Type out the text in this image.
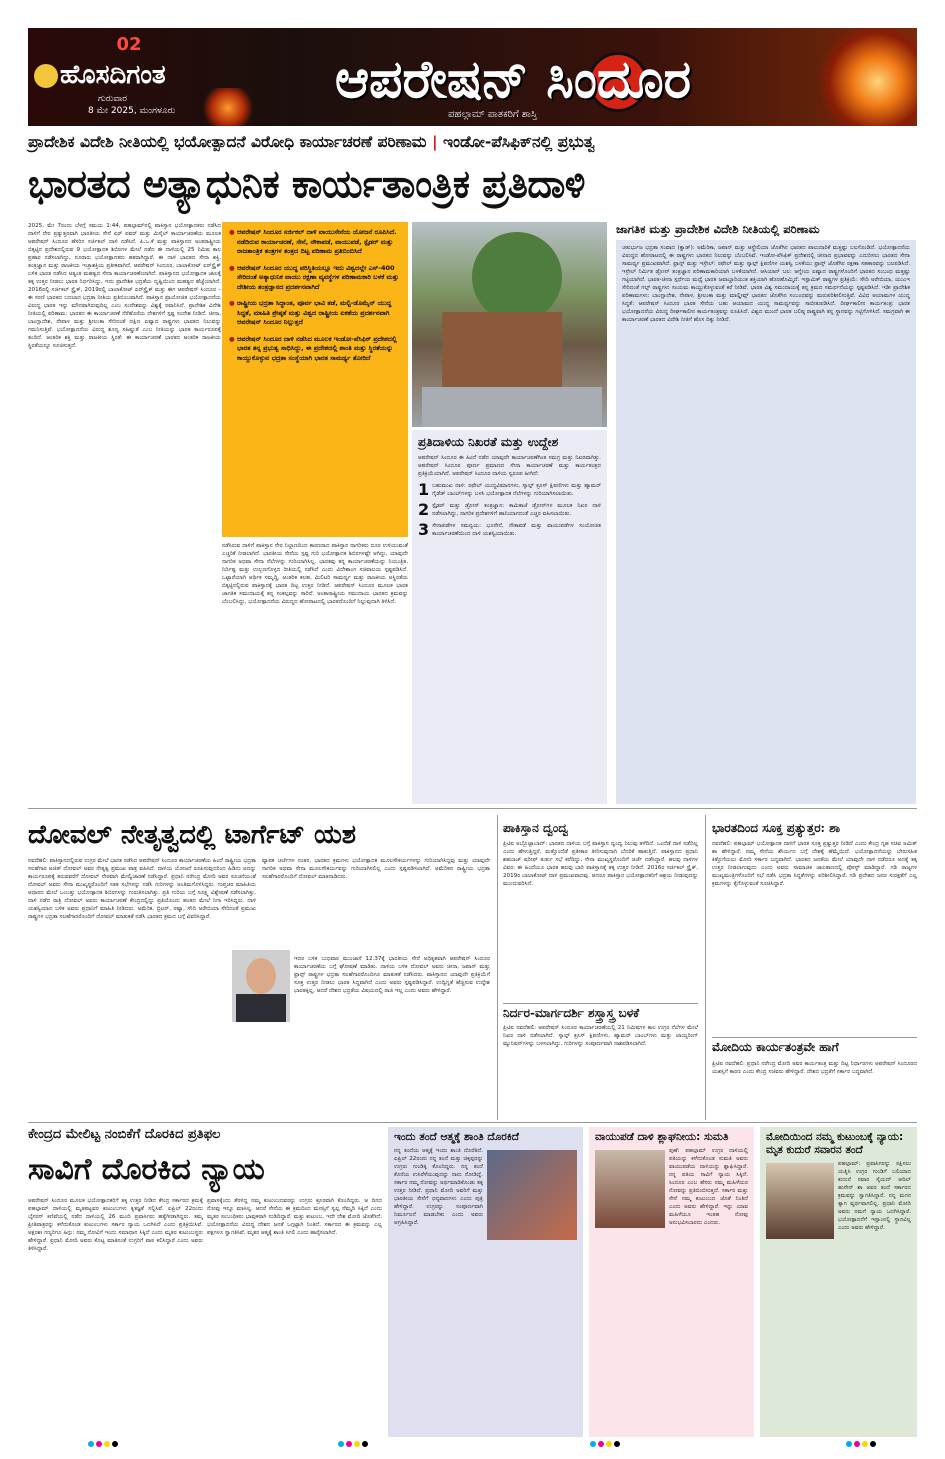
02
ಹೊಸದಿಗಂತ
ಗುರುವಾರ
8 ಮೇ 2025, ಮಂಗಳೂರು
ಆಪರೇಷನ್ ಸಿಂದೂರ
ಪಹಲ್ಗಾಮ್ ಪಾತಕರಿಗೆ ಶಾಸ್ತಿ
ಪ್ರಾದೇಶಿಕ ವಿದೇಶಿ ನೀತಿಯಲ್ಲಿ ಭಯೋತ್ಪಾದನೆ ವಿರೋಧಿ ಕಾರ್ಯಾಚರಣೆ ಪರಿಣಾಮ | ಇಂಡೋ-ಪೆಸಿಫಿಕ್‌ನಲ್ಲಿ ಪ್ರಭುತ್ವ
ಭಾರತದ ಅತ್ಯಾಧುನಿಕ ಕಾರ್ಯತಾಂತ್ರಿಕ ಪ್ರತಿದಾಳಿ
2025, ಮೇ 7ರಂದು ಬೆಳಗ್ಗೆ ಸಮಯ 1:44, ಪಹಲ್ಗಾಮ್‌ನಲ್ಲಿ ಪಾಕಿಸ್ತಾನ ಭಯೋತ್ಪಾದಕರು ನಡೆಸಿದ ದಾಳಿಗೆ ನೇರ ಪ್ರತ್ಯುತ್ತರವಾಗಿ ಭಾರತೀಯ ಸೇನೆ ಏರ್ ಪವರ್ ಮತ್ತು ಮಿಸೈಲ್ ಕಾರ್ಯಾಚರಣೆಯ ಮೂಲಕ ಆಪರೇಷನ್ ಸಿಂದೂರ ಹೆಸರಿನ ಸರ್ಜಿಕಲ್ ದಾಳಿ ನಡೆಸಿದೆ. ಪಿ.ಒ.ಕೆ ಮತ್ತು ಪಾಕಿಸ್ತಾನದ ಅಂತರಾಷ್ಟ್ರೀಯ ಬಿಕ್ಕಟ್ಟಿನ ಪ್ರದೇಶದಲ್ಲಿರುವ 9 ಭಯೋತ್ಪಾದಕ ಶಿಬಿರಗಳ ಮೇಲೆ ನಡೆದ ಈ ದಾಳಿಯಲ್ಲಿ 25 ನಿಮಿಷ ಕಾಲ ಪ್ರಹಾರ ನಡೆಸಲಾಗಿದ್ದು, ನೂರಾರು ಭಯೋತ್ಪಾದಕರು ಹತರಾಗಿದ್ದಾರೆ. ಈ ದಾಳಿ ಭಾರತದ ಸೇನಾ ಶಕ್ತಿ, ತಂತ್ರಜ್ಞಾನ ಮತ್ತು ರಾಜಕೀಯ ಇಚ್ಛಾಶಕ್ತಿಯ ಪ್ರತೀಕವಾಗಿದೆ. ಆಪರೇಷನ್ ಸಿಂದೂರ, ಬಾಲಾಕೋಟ್ ಏರ್‌ಸ್ಟ್ರೈಕ್ ಬಳಿಕ ಭಾರತ ನಡೆಸಿದ ಅತ್ಯಂತ ಮಹತ್ವದ ಸೇನಾ ಕಾರ್ಯಾಚರಣೆಯಾಗಿದೆ. ಪಾಕಿಸ್ತಾನದ ಭಯೋತ್ಪಾದಕ ಜಾಲಕ್ಕೆ ತಕ್ಕ ಉತ್ತರ ನೀಡಲು ಭಾರತ ನಿರ್ಧರಿಸಿದ್ದು, ಇದು ಪ್ರಾದೇಶಿಕ ಭದ್ರತೆಯ ದೃಷ್ಟಿಯಿಂದ ಮಹತ್ವದ ಹೆಜ್ಜೆಯಾಗಿದೆ. 2016ರಲ್ಲಿ ಸರ್ಜಿಕಲ್ ಸ್ಟ್ರೈಕ್, 2019ರಲ್ಲಿ ಬಾಲಾಕೋಟ್ ಏರ್‌ಸ್ಟ್ರೈಕ್ ಮತ್ತು ಈಗ ಆಪರೇಷನ್ ಸಿಂದೂರ – ಈ ಸರಣಿ ಭಾರತದ ಬದಲಾದ ಭದ್ರತಾ ನೀತಿಯ ಪ್ರತಿಬಿಂಬವಾಗಿದೆ. ಪಾಕಿಸ್ತಾನ ಪ್ರಾಯೋಜಿತ ಭಯೋತ್ಪಾದನೆಯ ವಿರುದ್ಧ ಭಾರತ ಇನ್ನು ಮೌನವಾಗಿರುವುದಿಲ್ಲ ಎಂಬ ಸಂದೇಶವನ್ನು ವಿಶ್ವಕ್ಕೆ ರವಾನಿಸಿದೆ. ಪ್ರಾದೇಶಿಕ ವಿದೇಶಿ ನೀತಿಯಲ್ಲಿ ಪರಿಣಾಮ: ಭಾರತದ ಈ ಕಾರ್ಯಾಚರಣೆ ನೆರೆಹೊರೆಯ ದೇಶಗಳಿಗೆ ಸ್ಪಷ್ಟ ಸಂದೇಶ ನೀಡಿದೆ. ಚೀನಾ, ಬಾಂಗ್ಲಾದೇಶ, ನೇಪಾಳ ಮತ್ತು ಶ್ರೀಲಂಕಾ ಸೇರಿದಂತೆ ದಕ್ಷಿಣ ಏಷ್ಯಾದ ರಾಷ್ಟ್ರಗಳು ಭಾರತದ ನಿಲುವನ್ನು ಗಮನಿಸುತ್ತಿವೆ. ಭಯೋತ್ಪಾದನೆಯ ವಿರುದ್ಧ ಶೂನ್ಯ ಸಹಿಷ್ಣುತೆ ಎಂಬ ನೀತಿಯನ್ನು ಭಾರತ ಕಾರ್ಯರೂಪಕ್ಕೆ ತಂದಿದೆ. ಆಂತರಿಕ ಶಕ್ತಿ ಮತ್ತು ರಾಜಕೀಯ ಸ್ಥಿರತೆ: ಈ ಕಾರ್ಯಾಚರಣೆ ಭಾರತದ ಆಂತರಿಕ ರಾಜಕೀಯ ಸ್ಥಿರತೆಯನ್ನೂ ಸೂಚಿಸುತ್ತದೆ.
● ಆಪರೇಷನ್ ಸಿಂದೂರ ಸರ್ಜಿಕಲ್ ದಾಳಿ ವಾಯುಸೇನೆಯ ಯೋಜನೆ ರೂಪಿಸಿದೆ. ನಡೆದಿರುವ ಕಾರ್ಯಾಚರಣೆ, ಸೇನೆ, ನೌಕಾಪಡೆ, ವಾಯುಪಡೆ, ಸ್ಪೈಡರ್ ಮತ್ತು ರಾಜತಾಂತ್ರಿಕ ತಂತ್ರಗಳ ತಂತ್ರದ ದಿಟ್ಟ ಪರಿಣಾಮ ಪ್ರತಿಬಿಂಬಿಸಿದೆ
● ಆಪರೇಷನ್ ಸಿಂದೂರ ಯುದ್ಧ ಪರಿಸ್ಥಿತಿಯಲ್ಲೂ ಇದು ವಿಶ್ವದಲ್ಲೇ ಎಸ್-400 ಸೇರಿದಂತೆ ಅತ್ಯಾಧುನಿಕ ವಾಯು ರಕ್ಷಣಾ ವ್ಯವಸ್ಥೆಗಳ ಪರಿಣಾಮಕಾರಿ ಬಳಕೆ ಮತ್ತು ದೇಶೀಯ ತಂತ್ರಜ್ಞಾನದ ಪ್ರದರ್ಶನವಾಗಿದೆ
● ರಾಷ್ಟ್ರೀಯ ಭದ್ರತಾ ಸಿದ್ಧಾಂತ, ಪೂರ್ವ ಭಾವಿ ತಡೆ, ಮಲ್ಟಿ-ಡೊಮೈನ್ ಯುದ್ಧ ಸಿದ್ಧತೆ, ಮಾಹಿತಿ ಶ್ರೇಷ್ಠತೆ ಮತ್ತು ವಿಶ್ವದ ರಾಷ್ಟ್ರೀಯ ಏಕತೆಯ ಪ್ರದರ್ಶನವಾಗಿ ಆಪರೇಷನ್ ಸಿಂದೂರ ನಿಲ್ಲುತ್ತದೆ
● ಆಪರೇಷನ್ ಸಿಂದೂರ ದಾಳಿ ನಡೆಸಿದ ಮೂಲಕ ಇಂಡೋ-ಪೆಸಿಫಿಕ್ ಪ್ರದೇಶದಲ್ಲಿ ಭಾರತ ತನ್ನ ಪ್ರಭುತ್ವ ಸಾಧಿಸಿದ್ದು, ಈ ಪ್ರದೇಶದಲ್ಲಿ ಶಾಂತಿ ಮತ್ತು ಸ್ಥಿರತೆಯನ್ನು ಕಾಯ್ದುಕೊಳ್ಳುವ ಭದ್ರತಾ ಸಂಸ್ಥೆಯಾಗಿ ಭಾರತ ಸಾಮರ್ಥ್ಯ ತೋರಿದೆ
ನಡೆಸಿರುವ ದಾಳಿಗೆ ಪಾಕಿಸ್ತಾನ ನೇರ ನಿಲ್ದಾಣದಿಂದ ಕಾರಣರಾದ ಪಾಕಿಸ್ತಾನ ನಾಗರಿಕರು ದೂರ ಉಳಿಯುವಂತೆ ಎಚ್ಚರಿಕೆ ನೀಡಲಾಗಿದೆ. ಭಾರತೀಯ ಸೇನೆಯ ಸ್ಪಷ್ಟ ಗುರಿ ಭಯೋತ್ಪಾದಕ ಶಿಬಿರಗಳಷ್ಟೇ ಆಗಿದ್ದು, ಯಾವುದೇ ನಾಗರಿಕ ಅಥವಾ ಸೇನಾ ನೆಲೆಗಳನ್ನು ಗುರಿಯಾಗಿಸಿಲ್ಲ. ಭಾರತವು ತನ್ನ ಕಾರ್ಯಾಚರಣೆಯನ್ನು ನಿಯಂತ್ರಿತ, ನಿರ್ದಿಷ್ಟ ಮತ್ತು ಉಲ್ಬಣಗೊಳ್ಳದ ರೀತಿಯಲ್ಲಿ ನಡೆಸಿದೆ ಎಂದು ವಿದೇಶಾಂಗ ಸಚಿವಾಲಯ ಸ್ಪಷ್ಟಪಡಿಸಿದೆ. ಒಟ್ಟಾರೆಯಾಗಿ ಆರ್ಥಿಕ ಸಮೃದ್ಧಿ, ಆಂತರಿಕ ಕಲಹ, ಮಿಲಿಟರಿ ಸಾಮರ್ಥ್ಯ ಮತ್ತು ರಾಜಕೀಯ ಅಸ್ಥಿರತೆಯ ಬಿಕ್ಕಟ್ಟಿನಲ್ಲಿರುವ ಪಾಕಿಸ್ತಾನಕ್ಕೆ ಭಾರತ ದಿಟ್ಟ ಉತ್ತರ ನೀಡಿದೆ. ಆಪರೇಷನ್ ಸಿಂದೂರ ಮೂಲಕ ಭಾರತ ಜಾಗತಿಕ ಸಮುದಾಯಕ್ಕೆ ತನ್ನ ಸಂಕಲ್ಪವನ್ನು ಸಾರಿದೆ. ಅಂತಾರಾಷ್ಟ್ರೀಯ ಸಮುದಾಯ ಭಾರತದ ಕ್ರಮವನ್ನು ಬೆಂಬಲಿಸಿದ್ದು, ಭಯೋತ್ಪಾದನೆಯ ವಿರುದ್ಧದ ಹೋರಾಟದಲ್ಲಿ ಭಾರತದೊಂದಿಗೆ ನಿಲ್ಲುವುದಾಗಿ ತಿಳಿಸಿದೆ.
ಪ್ರತಿದಾಳಿಯ ನಿಖರತೆ ಮತ್ತು ಉದ್ದೇಶ
ಆಪರೇಷನ್ ಸಿಂದೂರ ಈ ಹಿಂದೆ ನಡೆದ ಯಾವುದೇ ಕಾರ್ಯಾಚರಣೆಗಿಂತ ಸಮಗ್ರ ಮತ್ತು ನಿಖರವಾಗಿತ್ತು. ಆಪರೇಷನ್ ಸಿಂದೂರ ಪೂರ್ಣ ಪ್ರಮಾಣದ ಸೇನಾ ಕಾರ್ಯಾಚರಣೆ ಮತ್ತು ಕಾರ್ಯತಂತ್ರದ ಪ್ರತಿಕ್ರಿಯೆಯಾಗಿದೆ. ಆಪರೇಷನ್ ಸಿಂದೂರ ದಾಳಿಯ ಸ್ವರೂಪ ಹೀಗಿದೆ:
1 ಬಹುಮುಖ ದಾಳಿ: ರಫೇಲ್ ಯುದ್ಧವಿಮಾನಗಳು, ಸ್ಕಾಲ್ಪ್ ಕ್ರೂಸ್ ಕ್ಷಿಪಣಿಗಳು ಮತ್ತು ಹ್ಯಾಮರ್ ಗೈಡೆಡ್ ಬಾಂಬ್‌ಗಳನ್ನು ಬಳಸಿ ಭಯೋತ್ಪಾದಕ ನೆಲೆಗಳನ್ನು ಗುರಿಯಾಗಿಸಲಾಯಿತು.
2 ಸ್ಪೈಡರ್ ಮತ್ತು ಡ್ರೋನ್ ತಂತ್ರಜ್ಞಾನ: ಕಾಮಿಕಾಜೆ ಡ್ರೋನ್‌ಗಳ ಮೂಲಕ ನಿಖರ ದಾಳಿ ನಡೆಸಲಾಗಿದ್ದು, ನಾಗರಿಕ ಪ್ರದೇಶಗಳಿಗೆ ಹಾನಿಯಾಗದಂತೆ ಎಚ್ಚರ ವಹಿಸಲಾಯಿತು.
3 ಸೇನಾಪಡೆಗಳ ಸಮನ್ವಯ: ಭೂಸೇನೆ, ನೌಕಾಪಡೆ ಮತ್ತು ವಾಯುಪಡೆಗಳ ಸಂಯೋಜಿತ ಕಾರ್ಯಾಚರಣೆಯಿಂದ ದಾಳಿ ಯಶಸ್ವಿಯಾಯಿತು.
ಜಾಗತಿಕ ಮತ್ತು ಪ್ರಾದೇಶಿಕ ವಿದೇಶಿ ನೀತಿಯಲ್ಲಿ ಪರಿಣಾಮ
ಚತುರ್ಭುಜ ಭದ್ರತಾ ಸಂವಾದ (ಕ್ವಾಡ್): ಅಮೆರಿಕಾ, ಜಪಾನ್ ಮತ್ತು ಆಸ್ಟ್ರೇಲಿಯಾ ಜೊತೆಗಿನ ಭಾರತದ ಪಾಲುದಾರಿಕೆ ಮತ್ತಷ್ಟು ಬಲಗೊಂಡಿದೆ. ಭಯೋತ್ಪಾದನೆಯ ವಿರುದ್ಧದ ಹೋರಾಟದಲ್ಲಿ ಈ ರಾಷ್ಟ್ರಗಳು ಭಾರತದ ನಿಲುವನ್ನು ಬೆಂಬಲಿಸಿವೆ. ಇಂಡೋ-ಪೆಸಿಫಿಕ್ ಪ್ರದೇಶದಲ್ಲಿ ಚೀನಾದ ಪ್ರಭಾವವನ್ನು ಎದುರಿಸಲು ಭಾರತದ ಸೇನಾ ಸಾಮರ್ಥ್ಯ ಪ್ರಮುಖವಾಗಿದೆ. ಫ್ರಾನ್ಸ್ ಮತ್ತು ಇಸ್ರೇಲ್: ರಫೇಲ್ ಮತ್ತು ಸ್ಕಾಲ್ಪ್ ಕ್ಷಿಪಣಿಗಳ ಯಶಸ್ವಿ ಬಳಕೆಯು ಫ್ರಾನ್ಸ್ ಜೊತೆಗಿನ ರಕ್ಷಣಾ ಸಹಕಾರವನ್ನು ಬಲಪಡಿಸಿದೆ. ಇಸ್ರೇಲ್ ನಿರ್ಮಿತ ಡ್ರೋನ್ ತಂತ್ರಜ್ಞಾನ ಪರಿಣಾಮಕಾರಿಯಾಗಿ ಬಳಕೆಯಾಗಿದೆ. ಆಸಿಯಾನ್ ಬಲ: ಆಗ್ನೇಯ ಏಷ್ಯಾದ ರಾಷ್ಟ್ರಗಳೊಂದಿಗೆ ಭಾರತದ ಸಂಬಂಧ ಮತ್ತಷ್ಟು ಗಟ್ಟಿಯಾಗಿದೆ. ಭಾರತ-ಚೀನಾ ಸ್ಪರ್ಧೆಯ ಮಧ್ಯೆ ಭಾರತ ಜವಾಬ್ದಾರಿಯುತ ಶಕ್ತಿಯಾಗಿ ಹೊರಹೊಮ್ಮಿದೆ. ಇಸ್ಲಾಮಿಕ್ ರಾಷ್ಟ್ರಗಳ ಪ್ರತಿಕ್ರಿಯೆ: ಸೌದಿ ಅರೇಬಿಯಾ, ಯುಎಇ ಸೇರಿದಂತೆ ಗಲ್ಫ್ ರಾಷ್ಟ್ರಗಳು ಸಂಯಮ ಕಾಯ್ದುಕೊಳ್ಳುವಂತೆ ಕರೆ ನೀಡಿವೆ. ಭಾರತ ವಿಶ್ವ ಸಮುದಾಯಕ್ಕೆ ತನ್ನ ಕ್ರಮದ ಸಮರ್ಥನೆಯನ್ನು ಸ್ಪಷ್ಟಪಡಿಸಿದೆ. ಇಡೀ ಪ್ರಾದೇಶಿಕ ಪರಿಣಾಮಗಳು: ಬಾಂಗ್ಲಾದೇಶ, ನೇಪಾಳ, ಶ್ರೀಲಂಕಾ ಮತ್ತು ಮಾಲ್ಡೀವ್ಸ್ ಭಾರತದ ಜೊತೆಗಿನ ಸಂಬಂಧವನ್ನು ಮರುಪರಿಶೀಲಿಸುತ್ತಿವೆ. ವಿವಿಧ ಆಯಾಮಗಳ ಯುದ್ಧ ಸಿದ್ಧತೆ: ಆಪರೇಷನ್ ಸಿಂದೂರ ಭಾರತ ಸೇನೆಯ ಬಹು ಆಯಾಮದ ಯುದ್ಧ ಸಾಮರ್ಥ್ಯವನ್ನು ಸಾಬೀತುಪಡಿಸಿದೆ. ದೀರ್ಘಕಾಲೀನ ಕಾರ್ಯತಂತ್ರ: ಭಾರತ ಭಯೋತ್ಪಾದನೆಯ ವಿರುದ್ಧ ದೀರ್ಘಕಾಲೀನ ಕಾರ್ಯತಂತ್ರವನ್ನು ರೂಪಿಸಿದೆ. ವಿಶ್ವದ ಮುಂದೆ ಭಾರತ ಬಲಿಷ್ಠ ರಾಷ್ಟ್ರವಾಗಿ ತನ್ನ ಸ್ಥಾನವನ್ನು ಗಟ್ಟಿಗೊಳಿಸಿದೆ. ಸಮಗ್ರವಾಗಿ ಈ ಕಾರ್ಯಾಚರಣೆ ಭಾರತದ ವಿದೇಶಿ ನೀತಿಗೆ ಹೊಸ ದಿಕ್ಕು ನೀಡಿದೆ.
ದೋವಲ್ ನೇತೃತ್ವದಲ್ಲಿ ಟಾರ್ಗೆಟ್ ಯಶ
ನವದೆಹಲಿ: ಪಾಕಿಸ್ತಾನದಲ್ಲಿರುವ ಉಗ್ರರ ಮೇಲೆ ಭಾರತ ನಡೆಸಿದ ಆಪರೇಷನ್ ಸಿಂದೂರ ಕಾರ್ಯಾಚರಣೆಯ ಹಿಂದೆ ರಾಷ್ಟ್ರೀಯ ಭದ್ರತಾ ಸಲಹೆಗಾರ ಅಜಿತ್ ದೋವಲ್ ಅವರ ನೇತೃತ್ವ ಪ್ರಮುಖ ಪಾತ್ರ ವಹಿಸಿದೆ. ದಾಳಿಯ ಯೋಜನೆ ರೂಪಿಸುವುದರಿಂದ ಹಿಡಿದು ಅದನ್ನು ಕಾರ್ಯರೂಪಕ್ಕೆ ತರುವವರೆಗೆ ದೋವಲ್ ನೇರವಾಗಿ ಮೇಲ್ವಿಚಾರಣೆ ನಡೆಸಿದ್ದಾರೆ. ಪ್ರಧಾನಿ ನರೇಂದ್ರ ಮೋದಿ ಅವರ ಸೂಚನೆಯಂತೆ ದೋವಲ್ ಅವರು ಸೇನಾ ಮುಖ್ಯಸ್ಥರೊಂದಿಗೆ ಸತತ ಸಭೆಗಳನ್ನು ನಡೆಸಿ ಗುರಿಗಳನ್ನು ಅಂತಿಮಗೊಳಿಸಿದ್ದರು. ಗುಪ್ತಚರ ಮಾಹಿತಿಯ ಆಧಾರದ ಮೇಲೆ ಒಂಬತ್ತು ಭಯೋತ್ಪಾದಕ ಶಿಬಿರಗಳನ್ನು ಗುರುತಿಸಲಾಗಿತ್ತು. ಪ್ರತಿ ಗುರಿಯ ಬಗ್ಗೆ ಸೂಕ್ಷ್ಮ ವಿಶ್ಲೇಷಣೆ ನಡೆಸಲಾಗಿತ್ತು. ದಾಳಿ ನಡೆದ ರಾತ್ರಿ ದೋವಲ್ ಅವರು ಕಾರ್ಯಾಚರಣೆ ಕೇಂದ್ರದಲ್ಲಿದ್ದು ಪ್ರತಿಯೊಂದು ಹಂತದ ಮೇಲೆ ನಿಗಾ ಇರಿಸಿದ್ದರು. ದಾಳಿ ಯಶಸ್ವಿಯಾದ ಬಳಿಕ ಅವರು ಪ್ರಧಾನಿಗೆ ಮಾಹಿತಿ ನೀಡಿದರು. ಅಮೆರಿಕ, ಬ್ರಿಟನ್, ರಷ್ಯಾ, ಸೌದಿ ಅರೇಬಿಯಾ ಸೇರಿದಂತೆ ಪ್ರಮುಖ ರಾಷ್ಟ್ರಗಳ ಭದ್ರತಾ ಸಲಹೆಗಾರರೊಂದಿಗೆ ದೋವಲ್ ಮಾತುಕತೆ ನಡೆಸಿ ಭಾರತದ ಕ್ರಮದ ಬಗ್ಗೆ ವಿವರಿಸಿದ್ದಾರೆ.
ವ್ಯಾಪಕ ಚರ್ಚೆಗಳ ನಂತರ, ಭಾರತದ ಕ್ರಮಗಳು ಭಯೋತ್ಪಾದಕ ಮೂಲಸೌಕರ್ಯಗಳನ್ನು ಗುರಿಯಾಗಿಸಿದ್ದವು ಮತ್ತು ಯಾವುದೇ ನಾಗರಿಕ ಅಥವಾ ಸೇನಾ ಮೂಲಸೌಕರ್ಯವನ್ನು ಗುರಿಯಾಗಿಸಲಿಲ್ಲ ಎಂದು ಸ್ಪಷ್ಟಪಡಿಸಲಾಗಿದೆ. ಅಮೆರಿಕದ ರಾಷ್ಟ್ರೀಯ ಭದ್ರತಾ ಸಲಹೆಗಾರರೊಂದಿಗೆ ದೋವಲ್ ಮಾತನಾಡಿದರು.
ಇದರ ಬಳಿಕ ಬುಧವಾರ ಮುಂಜಾನೆ 12.37ಕ್ಕೆ ಭಾರತೀಯ ಸೇನೆ ಅಧಿಕೃತವಾಗಿ ಆಪರೇಷನ್ ಸಿಂದೂರ ಕಾರ್ಯಾಚರಣೆಯ ಬಗ್ಗೆ ಘೋಷಣೆ ಮಾಡಿತು. ದಾಳಿಯ ಬಳಿಕ ದೋವಲ್ ಅವರು ಚೀನಾ, ಜಪಾನ್ ಮತ್ತು ಫ್ರಾನ್ಸ್ ರಾಷ್ಟ್ರಗಳ ಭದ್ರತಾ ಸಲಹೆಗಾರರೊಂದಿಗೂ ಮಾತುಕತೆ ನಡೆಸಿದರು. ಪಾಕಿಸ್ತಾನದ ಯಾವುದೇ ಪ್ರತಿಕ್ರಿಯೆಗೆ ಸೂಕ್ತ ಉತ್ತರ ನೀಡಲು ಭಾರತ ಸಿದ್ಧವಾಗಿದೆ ಎಂದು ಅವರು ಸ್ಪಷ್ಟಪಡಿಸಿದ್ದಾರೆ. ಉದ್ವಿಗ್ನತೆ ಹೆಚ್ಚಿಸುವ ಉದ್ದೇಶ ಭಾರತಕ್ಕಿಲ್ಲ, ಆದರೆ ದೇಶದ ಭದ್ರತೆಯ ವಿಷಯದಲ್ಲಿ ರಾಜಿ ಇಲ್ಲ ಎಂದು ಅವರು ಹೇಳಿದ್ದಾರೆ.
ಪಾಕಿಸ್ತಾನ ದ್ವಂದ್ವ
ಪ್ರಿಟಿಐ ಅಬ್ಬೊಟ್ಟಾಬಾದ್: ಭಾರತದ ದಾಳಿಯ ಬಗ್ಗೆ ಪಾಕಿಸ್ತಾನ ದ್ವಂದ್ವ ನಿಲುವು ತಳೆದಿದೆ. ಒಂದೆಡೆ ದಾಳಿ ನಡೆದಿಲ್ಲ ಎಂದು ಹೇಳುತ್ತಿದ್ದರೆ, ಮತ್ತೊಂದೆಡೆ ಪ್ರತೀಕಾರ ತೀರಿಸುವುದಾಗಿ ಬೆದರಿಕೆ ಹಾಕುತ್ತಿದೆ. ಪಾಕಿಸ್ತಾನದ ಪ್ರಧಾನಿ ಶಹಬಾಜ್ ಷರೀಫ್ ತುರ್ತು ಸಭೆ ಕರೆದಿದ್ದು, ಸೇನಾ ಮುಖ್ಯಸ್ಥರೊಂದಿಗೆ ಚರ್ಚೆ ನಡೆಸಿದ್ದಾರೆ. ಹಲವು ದಾಳಿಗಳ ವಿವರ: ಈ ಹಿಂದೆಯೂ ಭಾರತ ಹಲವು ಬಾರಿ ಪಾಕಿಸ್ತಾನಕ್ಕೆ ತಕ್ಕ ಉತ್ತರ ನೀಡಿದೆ. 2016ರ ಸರ್ಜಿಕಲ್ ಸ್ಟ್ರೈಕ್, 2019ರ ಬಾಲಾಕೋಟ್ ದಾಳಿ ಪ್ರಮುಖವಾದವು. ಆದರೂ ಪಾಕಿಸ್ತಾನ ಭಯೋತ್ಪಾದಕರಿಗೆ ಆಶ್ರಯ ನೀಡುವುದನ್ನು ಮುಂದುವರಿಸಿದೆ.
ನಿರ್ದರ-ಮಾರ್ಗದರ್ಶಿ ಶಸ್ತ್ರಾಸ್ತ್ರ ಬಳಕೆ
ಪ್ರಿಟಿಐ ನವದೆಹಲಿ: ಆಪರೇಷನ್ ಸಿಂದೂರ ಕಾರ್ಯಾಚರಣೆಯಲ್ಲಿ 21 ನಿಮಿಷಗಳ ಕಾಲ ಉಗ್ರರ ನೆಲೆಗಳ ಮೇಲೆ ನಿಖರ ದಾಳಿ ನಡೆಸಲಾಗಿದೆ. ಸ್ಕಾಲ್ಪ್ ಕ್ರೂಸ್ ಕ್ಷಿಪಣಿಗಳು, ಹ್ಯಾಮರ್ ಬಾಂಬ್‌ಗಳು ಮತ್ತು ಲಾಯ್ಟರಿಂಗ್ ಮ್ಯುನಿಷನ್‌ಗಳನ್ನು ಬಳಸಲಾಗಿದ್ದು, ಗುರಿಗಳನ್ನು ಸಂಪೂರ್ಣವಾಗಿ ನಾಶಪಡಿಸಲಾಗಿದೆ.
ಭಾರತದಿಂದ ಸೂಕ್ತ ಪ್ರತ್ಯುತ್ತರ: ಶಾ
ನವದೆಹಲಿ: ಪಹಲ್ಗಾಮ್ ಭಯೋತ್ಪಾದಕ ದಾಳಿಗೆ ಭಾರತ ಸೂಕ್ತ ಪ್ರತ್ಯುತ್ತರ ನೀಡಿದೆ ಎಂದು ಕೇಂದ್ರ ಗೃಹ ಸಚಿವ ಅಮಿತ್ ಶಾ ಹೇಳಿದ್ದಾರೆ. ನಮ್ಮ ಸೇನೆಯ ಶೌರ್ಯದ ಬಗ್ಗೆ ದೇಶಕ್ಕೆ ಹೆಮ್ಮೆಯಿದೆ. ಭಯೋತ್ಪಾದನೆಯನ್ನು ಬೇರುಸಹಿತ ಕಿತ್ತೊಗೆಯಲು ಮೋದಿ ಸರ್ಕಾರ ಬದ್ಧವಾಗಿದೆ. ಭಾರತದ ಜನತೆಯ ಮೇಲೆ ಯಾವುದೇ ದಾಳಿ ನಡೆದರೂ ಅದಕ್ಕೆ ತಕ್ಕ ಉತ್ತರ ನೀಡಲಾಗುವುದು ಎಂದು ಅವರು ಸಾಮಾಜಿಕ ಜಾಲತಾಣದಲ್ಲಿ ಪೋಸ್ಟ್ ಮಾಡಿದ್ದಾರೆ. ಗಡಿ ರಾಜ್ಯಗಳ ಮುಖ್ಯಮಂತ್ರಿಗಳೊಂದಿಗೆ ಸಭೆ ನಡೆಸಿ ಭದ್ರತಾ ಸಿದ್ಧತೆಗಳನ್ನು ಪರಿಶೀಲಿಸಿದ್ದಾರೆ. ಗಡಿ ಪ್ರದೇಶದ ಜನರ ಸುರಕ್ಷತೆಗೆ ಎಲ್ಲ ಕ್ರಮಗಳನ್ನು ಕೈಗೊಳ್ಳುವಂತೆ ಸೂಚಿಸಿದ್ದಾರೆ.
ಮೋದಿಯ ಕಾರ್ಯತಂತ್ರವೇ ಹಾಗೆ
ಪ್ರಿಟಿಐ ನವದೆಹಲಿ: ಪ್ರಧಾನಿ ನರೇಂದ್ರ ಮೋದಿ ಅವರ ಕಾರ್ಯತಂತ್ರ ಮತ್ತು ದಿಟ್ಟ ನಿರ್ಧಾರಗಳು ಆಪರೇಷನ್ ಸಿಂದೂರದ ಯಶಸ್ಸಿಗೆ ಕಾರಣ ಎಂದು ಕೇಂದ್ರ ಸಚಿವರು ಹೇಳಿದ್ದಾರೆ. ದೇಶದ ಭದ್ರತೆಗೆ ಸರ್ಕಾರ ಬದ್ಧವಾಗಿದೆ.
ಕೇಂದ್ರದ ಮೇಲಿಟ್ಟ ನಂಬಿಕೆಗೆ ದೊರಕಿದ ಪ್ರತಿಫಲ
ಸಾವಿಗೆ ದೊರಕಿದ ನ್ಯಾಯ
ಆಪರೇಷನ್ ಸಿಂದೂರ ಮೂಲಕ ಭಯೋತ್ಪಾದಕರಿಗೆ ತಕ್ಕ ಉತ್ತರ ನೀಡಿದ ಕೇಂದ್ರ ಸರ್ಕಾರದ ಕ್ರಮಕ್ಕೆ ಪಹಲ್ಗಾಮ್ ದಾಳಿಯಲ್ಲಿ ಮೃತಪಟ್ಟವರ ಕುಟುಂಬಗಳು ಕೃತಜ್ಞತೆ ಸಲ್ಲಿಸಿವೆ. ಏಪ್ರಿಲ್ 22ರಂದು ಬೈಸರನ್ ಕಣಿವೆಯಲ್ಲಿ ನಡೆದ ದಾಳಿಯಲ್ಲಿ 26 ಮಂದಿ ಪ್ರವಾಸಿಗರು ಹತ್ಯೆಗೀಡಾಗಿದ್ದರು. ತಮ್ಮ ಪ್ರೀತಿಪಾತ್ರರನ್ನು ಕಳೆದುಕೊಂಡ ಕುಟುಂಬಗಳು ಸರ್ಕಾರ ನ್ಯಾಯ ಒದಗಿಸಿದೆ ಎಂದು ಪ್ರತಿಕ್ರಿಯಿಸಿವೆ. ಅಕ್ಷರಶಃ ಗಣ್ಯರಿಗೂ ಹಿಗ್ಗು: ನಮ್ಮ ನೋವಿಗೆ ಇಂದು ಸಮಾಧಾನ ಸಿಕ್ಕಿದೆ ಎಂದು ಮೃತರ ಕುಟುಂಬಸ್ಥರು ಹೇಳಿದ್ದಾರೆ. ಪ್ರಧಾನಿ ಮೋದಿ ಅವರು ಕೊಟ್ಟ ಮಾತಿನಂತೆ ಉಗ್ರರಿಗೆ ಪಾಠ ಕಲಿಸಿದ್ದಾರೆ ಎಂದು ಅವರು ತಿಳಿಸಿದ್ದಾರೆ.
ಪ್ರವಾಸಕ್ಕೆಂದು ತೆರಳಿದ್ದ ನಮ್ಮ ಕುಟುಂಬದವರನ್ನು ಉಗ್ರರು ಕ್ರೂರವಾಗಿ ಕೊಂದಿದ್ದರು. ಆ ದಿನದ ನೋವು ಇನ್ನೂ ಮಾಸಿಲ್ಲ. ಆದರೆ ಸೇನೆಯ ಈ ಕ್ರಮದಿಂದ ಮನಸ್ಸಿಗೆ ಸ್ವಲ್ಪ ನೆಮ್ಮದಿ ಸಿಕ್ಕಿದೆ ಎಂದು ಮೃತರ ಸಂಬಂಧಿಕರು ಭಾವುಕರಾಗಿ ನುಡಿದಿದ್ದಾರೆ. ಮತ್ತು ಕುಟುಂಬ, ಇದೇ ದೇಶ ಮೋದಿ ಜೊತೆಗಿದೆ: ಭಯೋತ್ಪಾದನೆಯ ವಿರುದ್ಧ ದೇಶದ ಜನತೆ ಒಗ್ಗಟ್ಟಾಗಿ ನಿಂತಿದೆ. ಸರ್ಕಾರದ ಈ ಕ್ರಮವನ್ನು ಎಲ್ಲ ಪಕ್ಷಗಳೂ ಸ್ವಾಗತಿಸಿವೆ. ಮೃತರ ಆತ್ಮಕ್ಕೆ ಶಾಂತಿ ಸಿಗಲಿ ಎಂದು ಹಾರೈಸಲಾಗಿದೆ.
ಇಂದು ತಂದೆ ಆತ್ಮಕ್ಕೆ ಶಾಂತಿ ದೊರಕಿದೆ
ನನ್ನ ತಂದೆಯ ಆತ್ಮಕ್ಕೆ ಇಂದು ಶಾಂತಿ ದೊರೆತಿದೆ. ಏಪ್ರಿಲ್ 22ರಂದು ನನ್ನ ತಂದೆ ಮತ್ತು ಚಿಕ್ಕಪ್ಪನನ್ನು ಉಗ್ರರು ಗುಂಡಿಕ್ಕಿ ಕೊಂದಿದ್ದರು. ನನ್ನ ತಂದೆ ಕೊನೆಯ ಉಸಿರೆಳೆಯುವುದನ್ನು ನಾನು ನೋಡಿದ್ದೆ. ಸರ್ಕಾರ ನಮ್ಮ ನೋವನ್ನು ಅರ್ಥಮಾಡಿಕೊಂಡು ತಕ್ಕ ಉತ್ತರ ನೀಡಿದೆ. ಪ್ರಧಾನಿ ಮೋದಿ ಅವರಿಗೆ ಮತ್ತು ಭಾರತೀಯ ಸೇನೆಗೆ ಧನ್ಯವಾದಗಳು ಎಂದು ಪುತ್ರಿ ಹೇಳಿದ್ದಾರೆ. ಉಗ್ರರನ್ನು ಸಂಪೂರ್ಣವಾಗಿ ನಿರ್ಮೂಲನೆ ಮಾಡಬೇಕು ಎಂದು ಅವರು ಆಗ್ರಹಿಸಿದ್ದಾರೆ.
ವಾಯುಪಡೆ ದಾಳಿ ಶ್ಲಾಘನೀಯ: ಸುಮತಿ
ಪುಣೆ: ಪಹಲ್ಗಾಮ್ ಉಗ್ರರ ದಾಳಿಯಲ್ಲಿ ಪತಿಯನ್ನು ಕಳೆದುಕೊಂಡ ಸುಮತಿ ಅವರು ವಾಯುಪಡೆಯ ದಾಳಿಯನ್ನು ಶ್ಲಾಘಿಸಿದ್ದಾರೆ. ನನ್ನ ಪತಿಯ ಸಾವಿಗೆ ನ್ಯಾಯ ಸಿಕ್ಕಿದೆ. ಸಿಂದೂರ ಎಂಬ ಹೆಸರು ನಮ್ಮ ಮಹಿಳೆಯರ ನೋವನ್ನು ಪ್ರತಿಬಿಂಬಿಸುತ್ತದೆ. ಸರ್ಕಾರ ಮತ್ತು ಸೇನೆ ನಮ್ಮ ಕುಟುಂಬದ ಜೊತೆ ನಿಂತಿದೆ ಎಂದು ಅವರು ಹೇಳಿದ್ದಾರೆ. ಇನ್ನು ಯಾವ ಮಹಿಳೆಯೂ ಇಂತಹ ನೋವು ಅನುಭವಿಸಬಾರದು ಎಂದರು.
ಮೋದಿಯಿಂದ ನಮ್ಮ ಕುಟುಂಬಕ್ಕೆ ನ್ಯಾಯ: ಮೃತ ಕುದುರೆ ಸವಾರನ ತಂದೆ
ಪಹಲ್ಗಾಮ್: ಪ್ರವಾಸಿಗರನ್ನು ರಕ್ಷಿಸಲು ಯತ್ನಿಸಿ ಉಗ್ರರ ಗುಂಡಿಗೆ ಬಲಿಯಾದ ಕುದುರೆ ಸವಾರ ಸೈಯದ್ ಆದಿಲ್ ಹುಸೇನ್ ಶಾ ಅವರ ತಂದೆ ಸರ್ಕಾರದ ಕ್ರಮವನ್ನು ಸ್ವಾಗತಿಸಿದ್ದಾರೆ. ನನ್ನ ಮಗನ ತ್ಯಾಗ ವ್ಯರ್ಥವಾಗಲಿಲ್ಲ. ಪ್ರಧಾನಿ ಮೋದಿ ಅವರು ನಮಗೆ ನ್ಯಾಯ ಒದಗಿಸಿದ್ದಾರೆ. ಭಯೋತ್ಪಾದನೆಗೆ ಇಸ್ಲಾಂನಲ್ಲಿ ಸ್ಥಾನವಿಲ್ಲ ಎಂದು ಅವರು ಹೇಳಿದ್ದಾರೆ.
